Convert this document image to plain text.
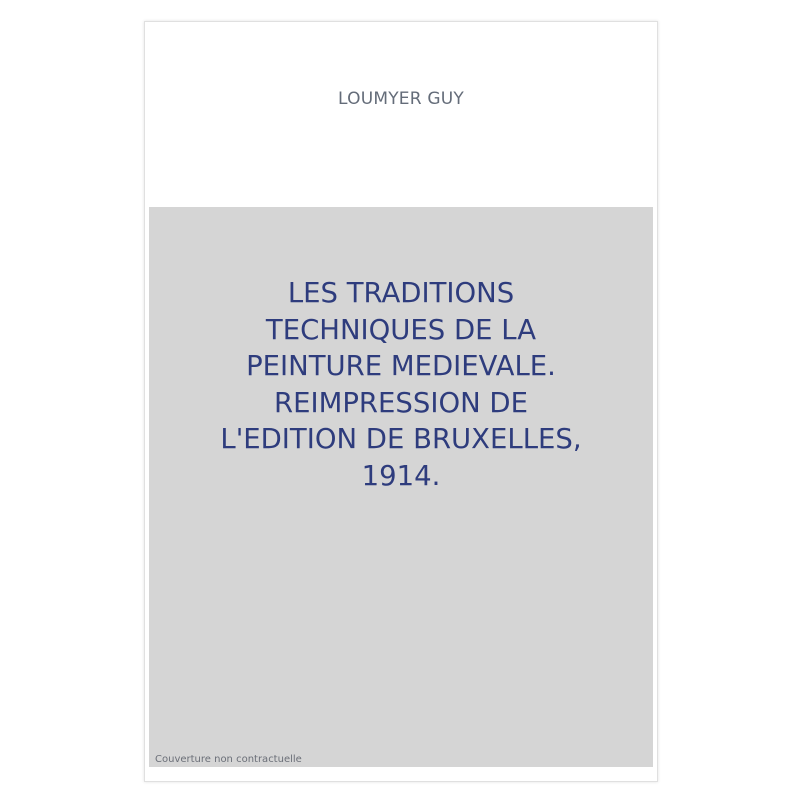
LOUMYER GUY
LES TRADITIONS
TECHNIQUES DE LA
PEINTURE MEDIEVALE.
REIMPRESSION DE
L'EDITION DE BRUXELLES,
1914.
Couverture non contractuelle
